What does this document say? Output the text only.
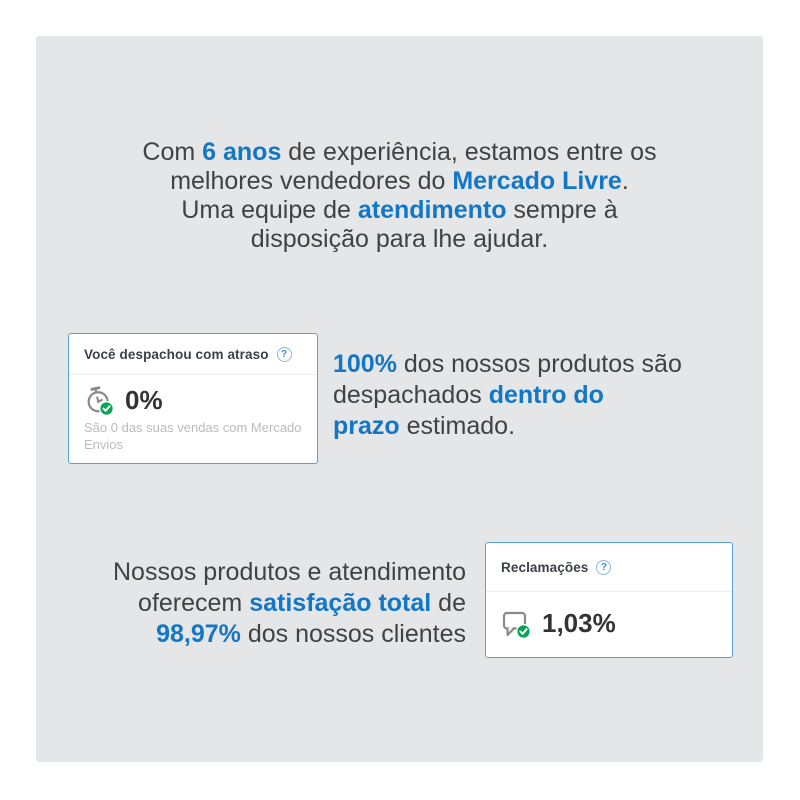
Com 6 anos de experiência, estamos entre os
melhores vendedores do Mercado Livre.
Uma equipe de atendimento sempre à
disposição para lhe ajudar.
Você despachou com atraso	?
0%
São 0 das suas vendas com Mercado Envios
100% dos nossos produtos são
despachados dentro do
prazo estimado.
Nossos produtos e atendimento
oferecem satisfação total de
98,97% dos nossos clientes
Reclamações	?
1,03%
